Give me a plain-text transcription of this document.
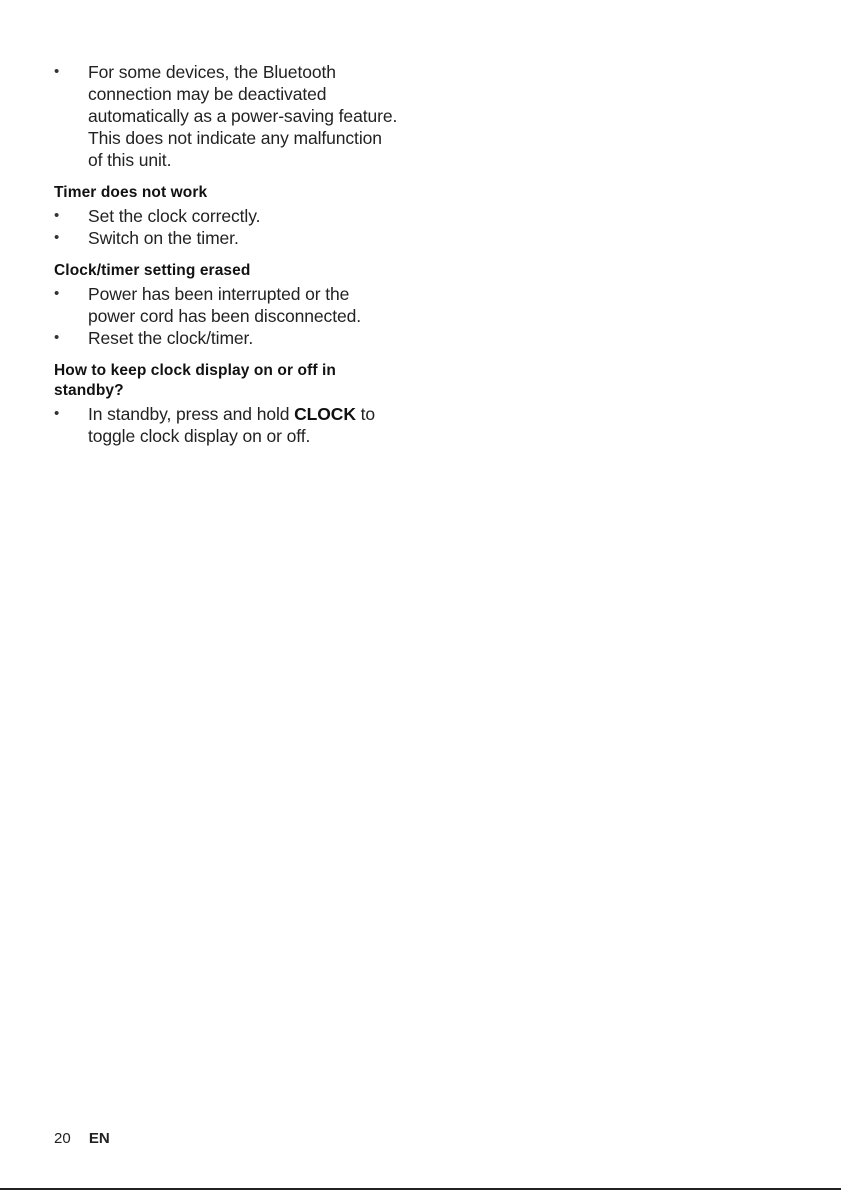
•	For some devices, the Bluetooth connection may be deactivated automatically as a power-saving feature. This does not indicate any malfunction of this unit.
Timer does not work
•	Set the clock correctly.
•	Switch on the timer.
Clock/timer setting erased
•	Power has been interrupted or the power cord has been disconnected.
•	Reset the clock/timer.
How to keep clock display on or off in standby?
•	In standby, press and hold CLOCK to toggle clock display on or off.
20 EN
